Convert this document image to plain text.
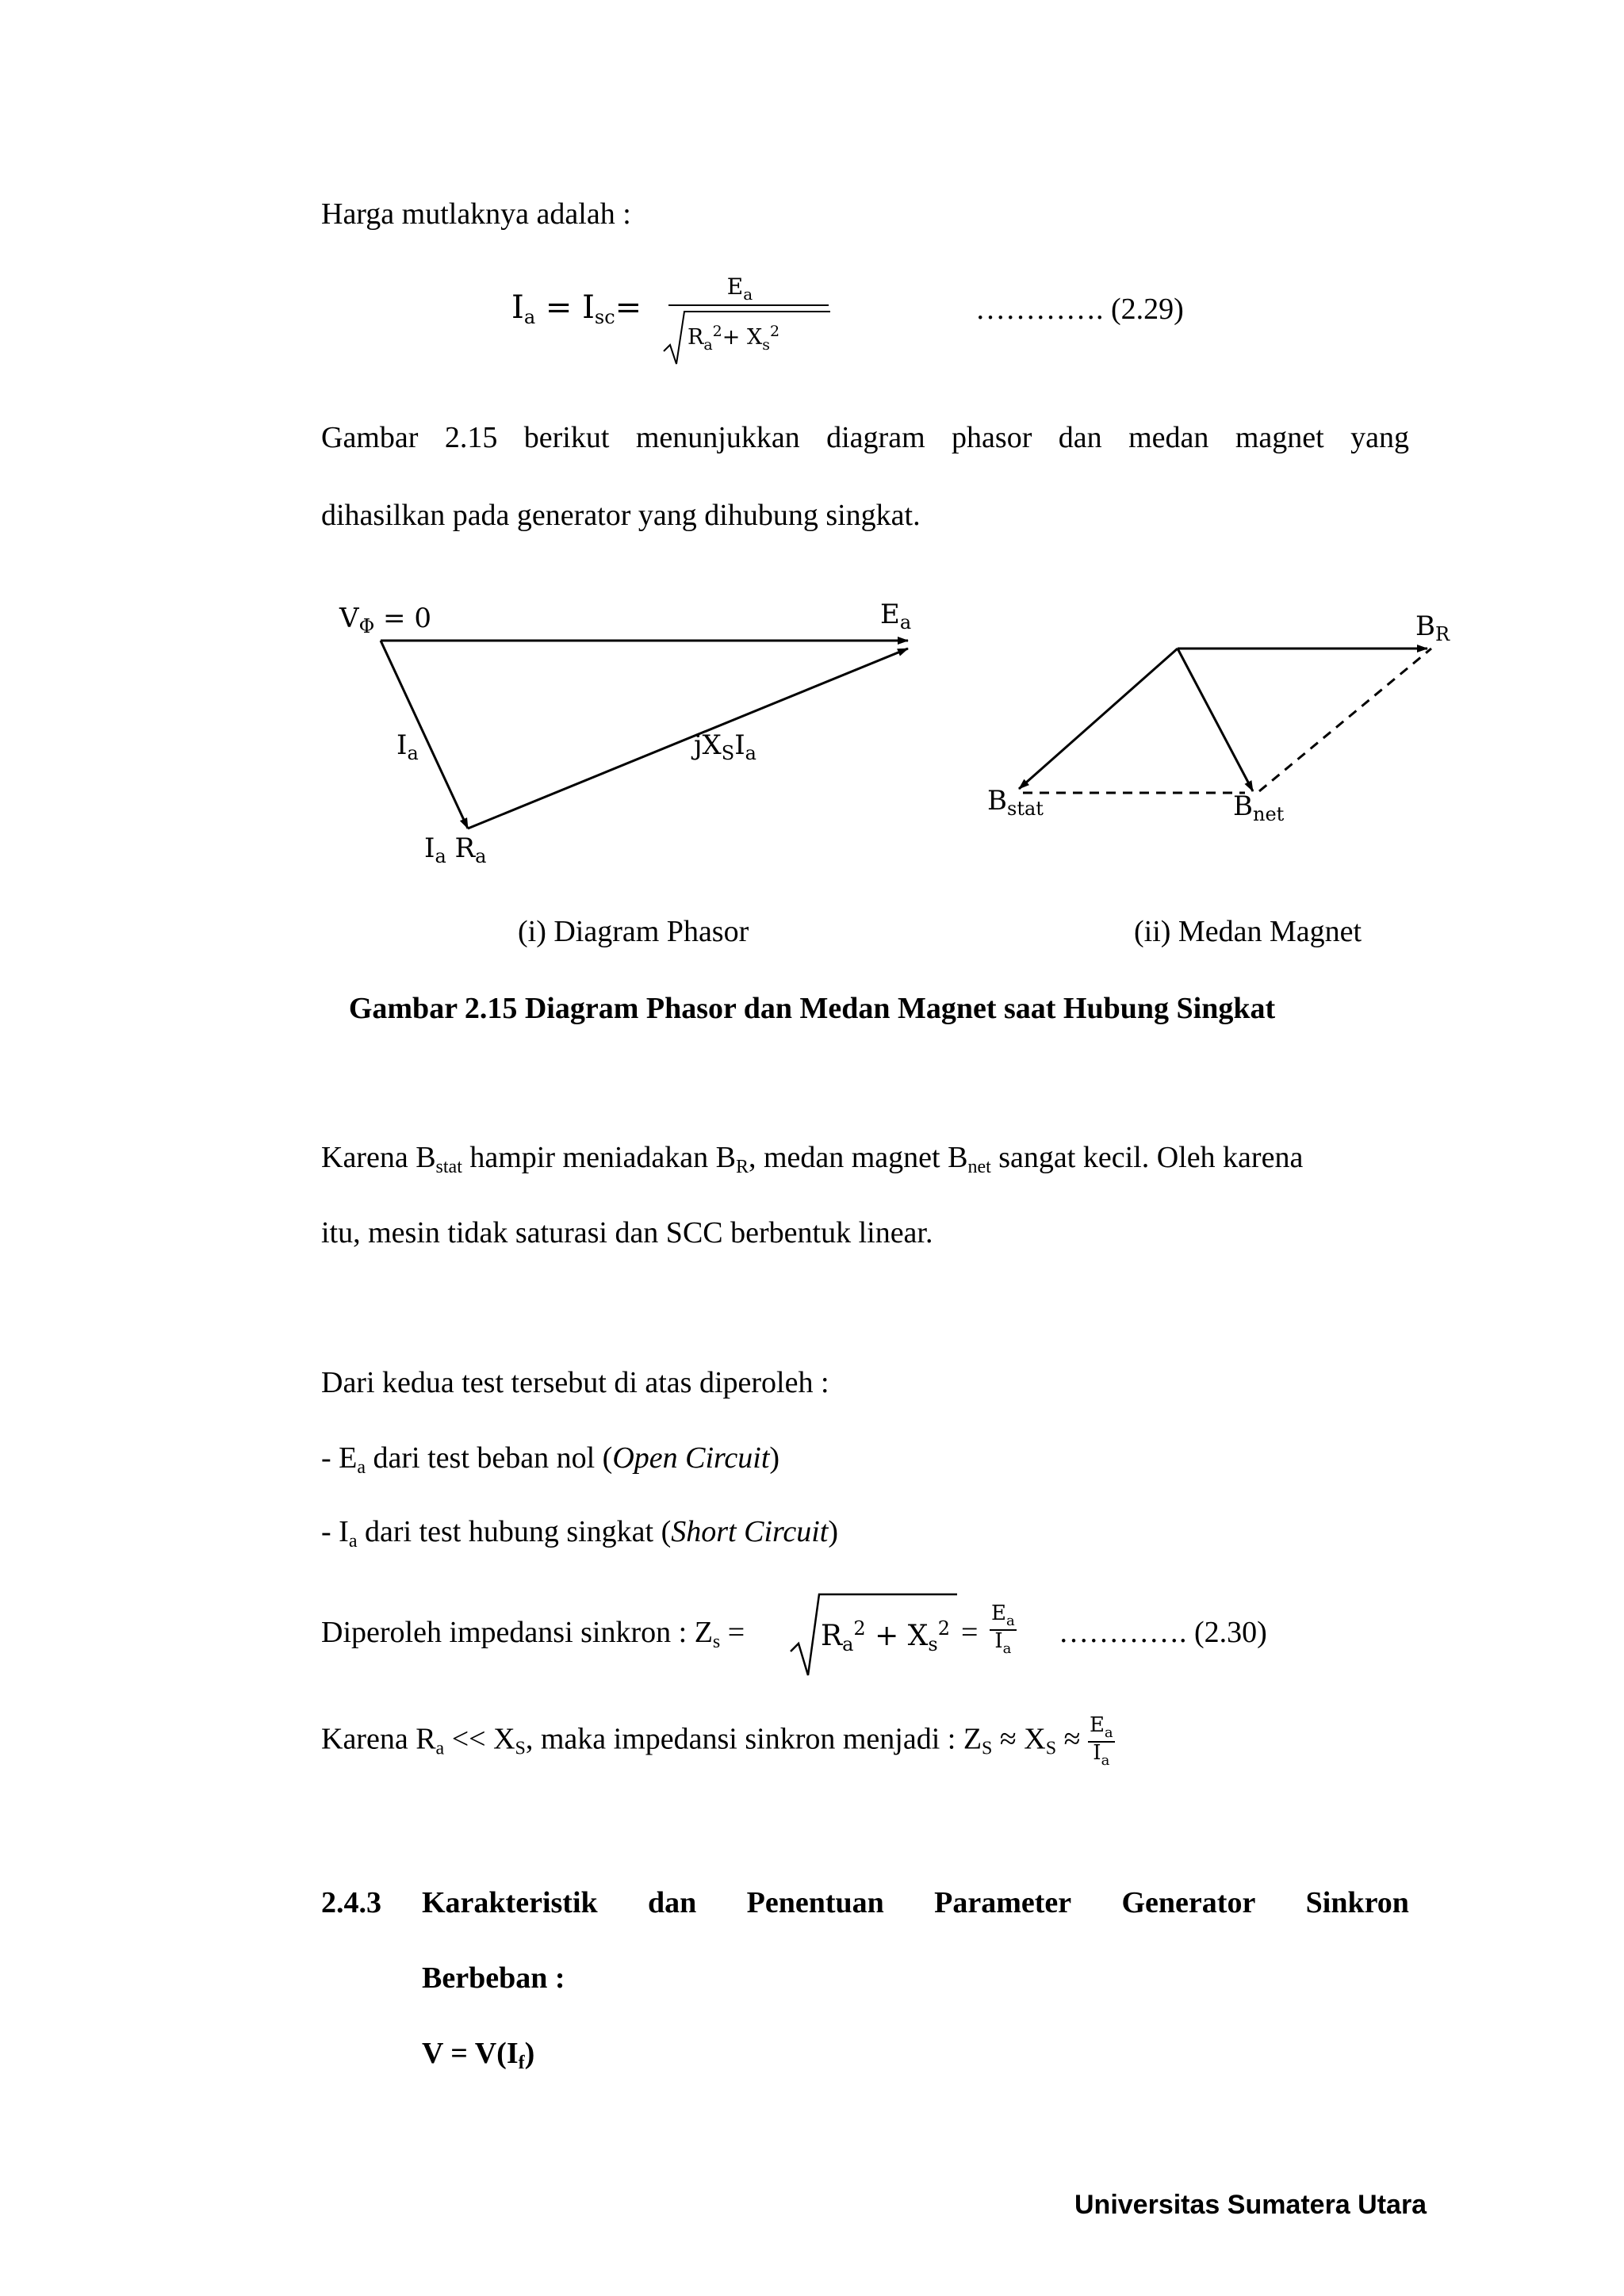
Harga mutlaknya adalah :
$I_a = I_{sc}=$
$E_a$
$R_a^2+ X_s^2$
…………. (2.29)
Gambar 2.15 berikut menunjukkan diagram phasor dan medan magnet yang
dihasilkan pada generator yang dihubung singkat.
$V_\Phi = 0$	$E_a$
$I_a$	$jX_SI_a$
$I_a$ $R_a$
$B_R$
$B_{stat}$	$B_{net}$
(i) Diagram Phasor	(ii) Medan Magnet
Gambar 2.15 Diagram Phasor dan Medan Magnet saat Hubung Singkat
Karena $B_{stat}$ hampir meniadakan $B_R$, medan magnet $B_{net}$ sangat kecil. Oleh karena
itu, mesin tidak saturasi dan SCC berbentuk linear.
Dari kedua test tersebut di atas diperoleh :
- $E_a$ dari test beban nol (Open Circuit)
- $I_a$ dari test hubung singkat (Short Circuit)
Diperoleh impedansi sinkron : $Z_s$ =	$R_a^2 + X_s^2 = \frac{E_a}{I_a}$ …………. (2.30)
Karena $R_a << X_S$, maka impedansi sinkron menjadi : $Z_S \approx X_S \approx \frac{E_a}{I_a}$
2.4.3 Karakteristik dan Penentuan Parameter Generator Sinkron
Berbeban :
$V = V(I_f)$
Universitas Sumatera Utara
